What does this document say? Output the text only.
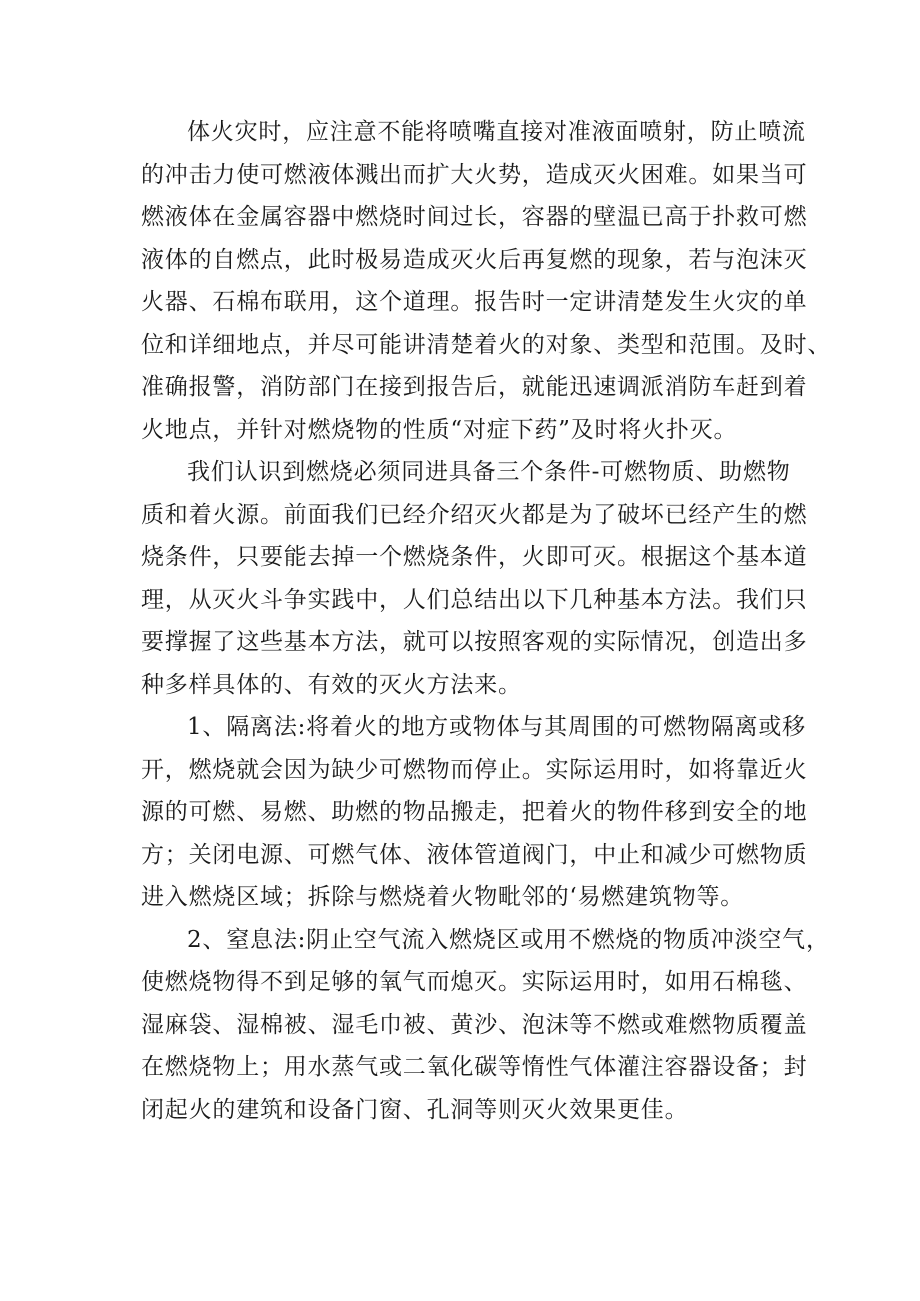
体火灾时，应注意不能将喷嘴直接对准液面喷射，防止喷流
的冲击力使可燃液体溅出而扩大火势，造成灭火困难。如果当可
燃液体在金属容器中燃烧时间过长，容器的壁温已高于扑救可燃
液体的自燃点，此时极易造成灭火后再复燃的现象，若与泡沫灭
火器、石棉布联用，这个道理。报告时一定讲清楚发生火灾的单
位和详细地点，并尽可能讲清楚着火的对象、类型和范围。及时、
准确报警，消防部门在接到报告后，就能迅速调派消防车赶到着
火地点，并针对燃烧物的性质“对症下药”及时将火扑灭。
我们认识到燃烧必须同进具备三个条件-可燃物质、助燃物
质和着火源。前面我们已经介绍灭火都是为了破坏已经产生的燃
烧条件，只要能去掉一个燃烧条件，火即可灭。根据这个基本道
理，从灭火斗争实践中，人们总结出以下几种基本方法。我们只
要撑握了这些基本方法，就可以按照客观的实际情况，创造出多
种多样具体的、有效的灭火方法来。
1、隔离法:将着火的地方或物体与其周围的可燃物隔离或移
开，燃烧就会因为缺少可燃物而停止。实际运用时，如将靠近火
源的可燃、易燃、助燃的物品搬走，把着火的物件移到安全的地
方；关闭电源、可燃气体、液体管道阀门，中止和减少可燃物质
进入燃烧区域；拆除与燃烧着火物毗邻的‘易燃建筑物等。
2、窒息法:阴止空气流入燃烧区或用不燃烧的物质冲淡空气，
使燃烧物得不到足够的氧气而熄灭。实际运用时，如用石棉毯、
湿麻袋、湿棉被、湿毛巾被、黄沙、泡沫等不燃或难燃物质覆盖
在燃烧物上；用水蒸气或二氧化碳等惰性气体灌注容器设备；封
闭起火的建筑和设备门窗、孔洞等则灭火效果更佳。
